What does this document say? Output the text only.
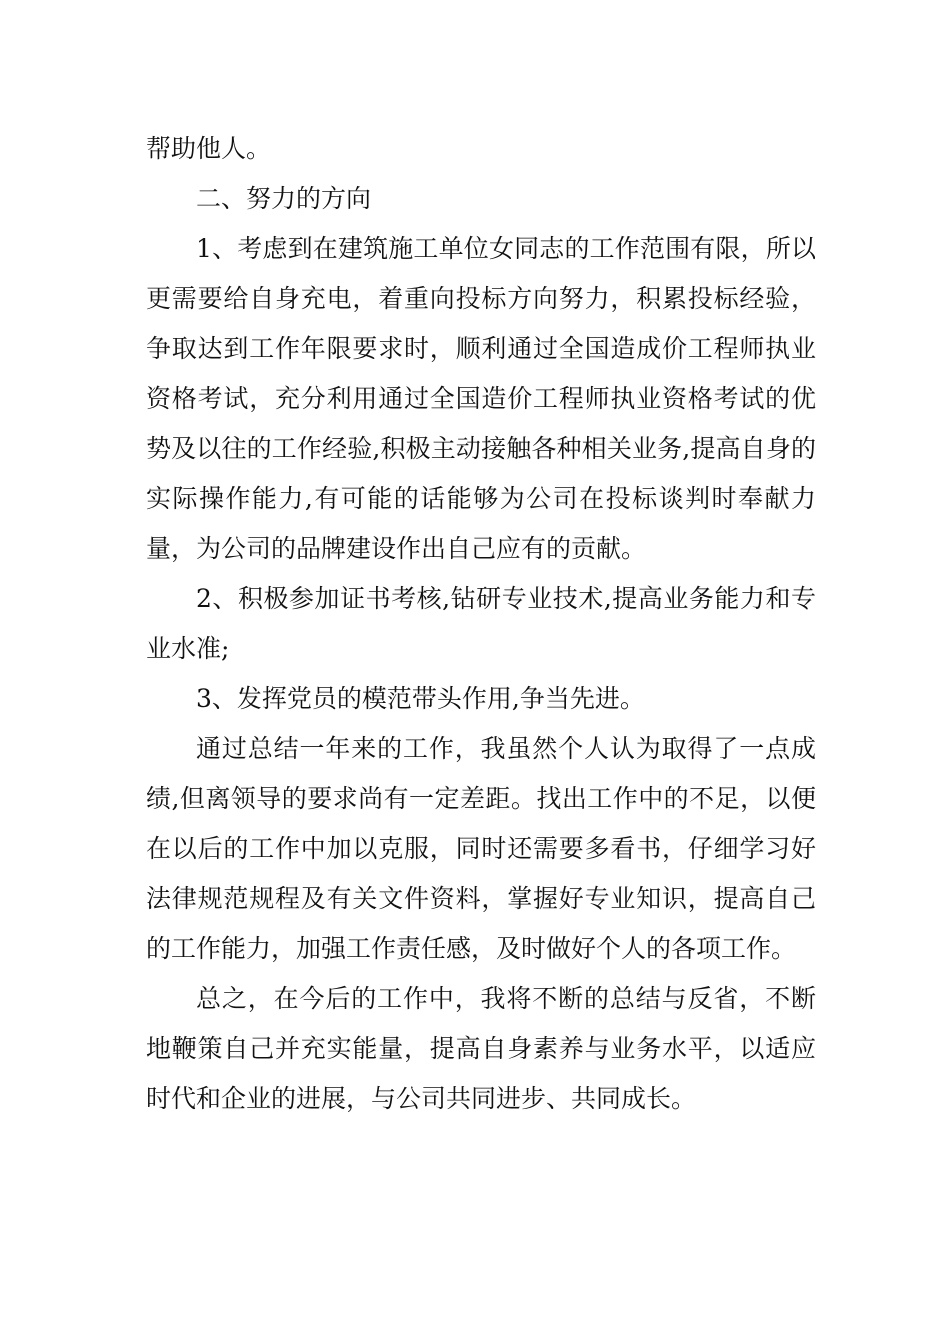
帮助他人。

二、努力的方向

1、考虑到在建筑施工单位女同志的工作范围有限，所以更需要给自身充电，着重向投标方向努力，积累投标经验，争取达到工作年限要求时，顺利通过全国造成价工程师执业资格考试，充分利用通过全国造价工程师执业资格考试的优势及以往的工作经验,积极主动接触各种相关业务,提高自身的实际操作能力,有可能的话能够为公司在投标谈判时奉献力量，为公司的品牌建设作出自己应有的贡献。

2、积极参加证书考核,钻研专业技术,提高业务能力和专业水准;

3、发挥党员的模范带头作用,争当先进。

通过总结一年来的工作，我虽然个人认为取得了一点成绩,但离领导的要求尚有一定差距。找出工作中的不足，以便在以后的工作中加以克服，同时还需要多看书，仔细学习好法律规范规程及有关文件资料，掌握好专业知识，提高自己的工作能力，加强工作责任感，及时做好个人的各项工作。

总之，在今后的工作中，我将不断的总结与反省，不断地鞭策自己并充实能量，提高自身素养与业务水平，以适应时代和企业的进展，与公司共同进步、共同成长。
